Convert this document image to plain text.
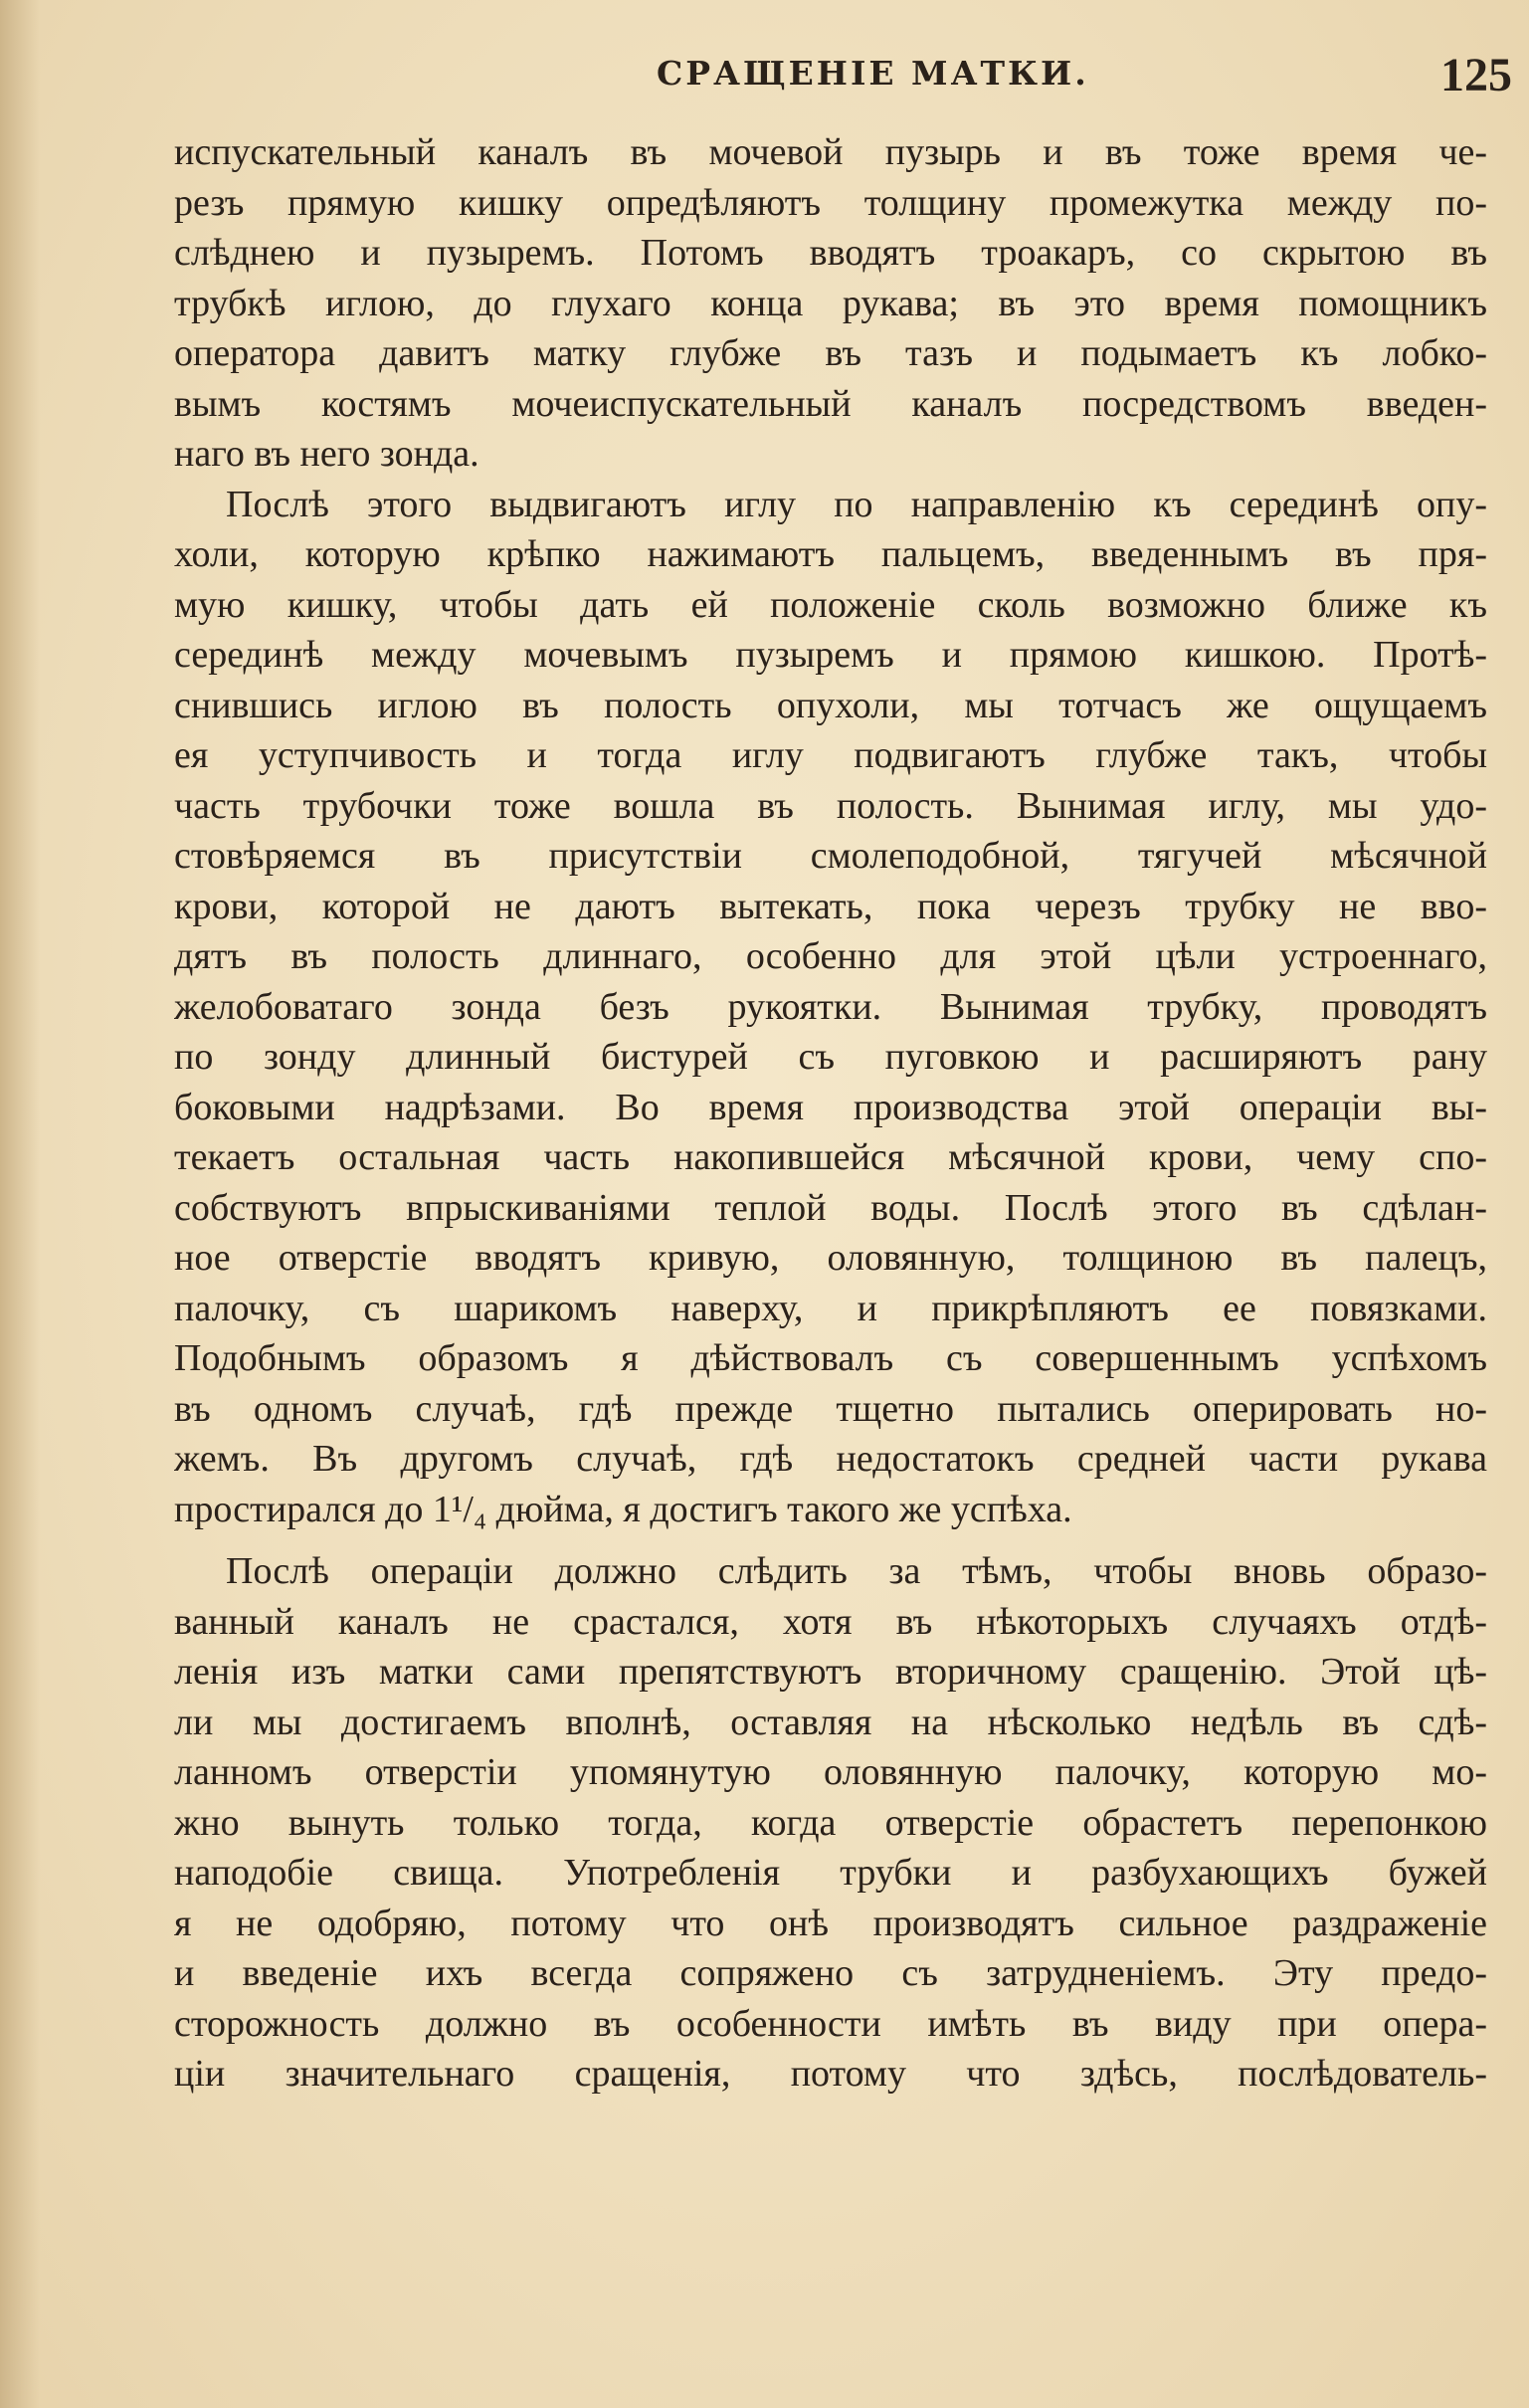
СРАЩЕНІЕ МАТКИ.	125
испускательный каналъ въ мочевой пузырь и въ тоже время че-
резъ прямую кишку опредѣляютъ толщину промежутка между по-
слѣднею и пузыремъ. Потомъ вводятъ троакаръ, со скрытою въ
трубкѣ иглою, до глухаго конца рукава; въ это время помощникъ
оператора давитъ матку глубже въ тазъ и подымаетъ къ лобко-
вымъ костямъ мочеиспускательный каналъ посредствомъ введен-
наго въ него зонда.
Послѣ этого выдвигаютъ иглу по направленію къ серединѣ опу-
холи, которую крѣпко нажимаютъ пальцемъ, введеннымъ въ пря-
мую кишку, чтобы дать ей положеніе сколь возможно ближе къ
серединѣ между мочевымъ пузыремъ и прямою кишкою. Протѣ-
снившись иглою въ полость опухоли, мы тотчасъ же ощущаемъ
ея уступчивость и тогда иглу подвигаютъ глубже такъ, чтобы
часть трубочки тоже вошла въ полость. Вынимая иглу, мы удо-
стовѣряемся въ присутствіи смолеподобной, тягучей мѣсячной
крови, которой не даютъ вытекать, пока черезъ трубку не вво-
дятъ въ полость длиннаго, особенно для этой цѣли устроеннаго,
желобоватаго зонда безъ рукоятки. Вынимая трубку, проводятъ
по зонду длинный бистурей съ пуговкою и расширяютъ рану
боковыми надрѣзами. Во время производства этой операціи вы-
текаетъ остальная часть накопившейся мѣсячной крови, чему спо-
собствуютъ впрыскиваніями теплой воды. Послѣ этого въ сдѣлан-
ное отверстіе вводятъ кривую, оловянную, толщиною въ палецъ,
палочку, съ шарикомъ наверху, и прикрѣпляютъ ее повязками.
Подобнымъ образомъ я дѣйствовалъ съ совершеннымъ успѣхомъ
въ одномъ случаѣ, гдѣ прежде тщетно пытались оперировать но-
жемъ. Въ другомъ случаѣ, гдѣ недостатокъ средней части рукава
простирался до 1¹/₄ дюйма, я достигъ такого же успѣха.
Послѣ операціи должно слѣдить за тѣмъ, чтобы вновь образо-
ванный каналъ не срастался, хотя въ нѣкоторыхъ случаяхъ отдѣ-
ленія изъ матки сами препятствуютъ вторичному сращенію. Этой цѣ-
ли мы достигаемъ вполнѣ, оставляя на нѣсколько недѣль въ сдѣ-
ланномъ отверстіи упомянутую оловянную палочку, которую мо-
жно вынуть только тогда, когда отверстіе обрастетъ перепонкою
наподобіе свища. Употребленія трубки и разбухающихъ бужей
я не одобряю, потому что онѣ производятъ сильное раздраженіе
и введеніе ихъ всегда сопряжено съ затрудненіемъ. Эту предо-
сторожность должно въ особенности имѣть въ виду при опера-
ціи значительнаго сращенія, потому что здѣсь, послѣдователь-
